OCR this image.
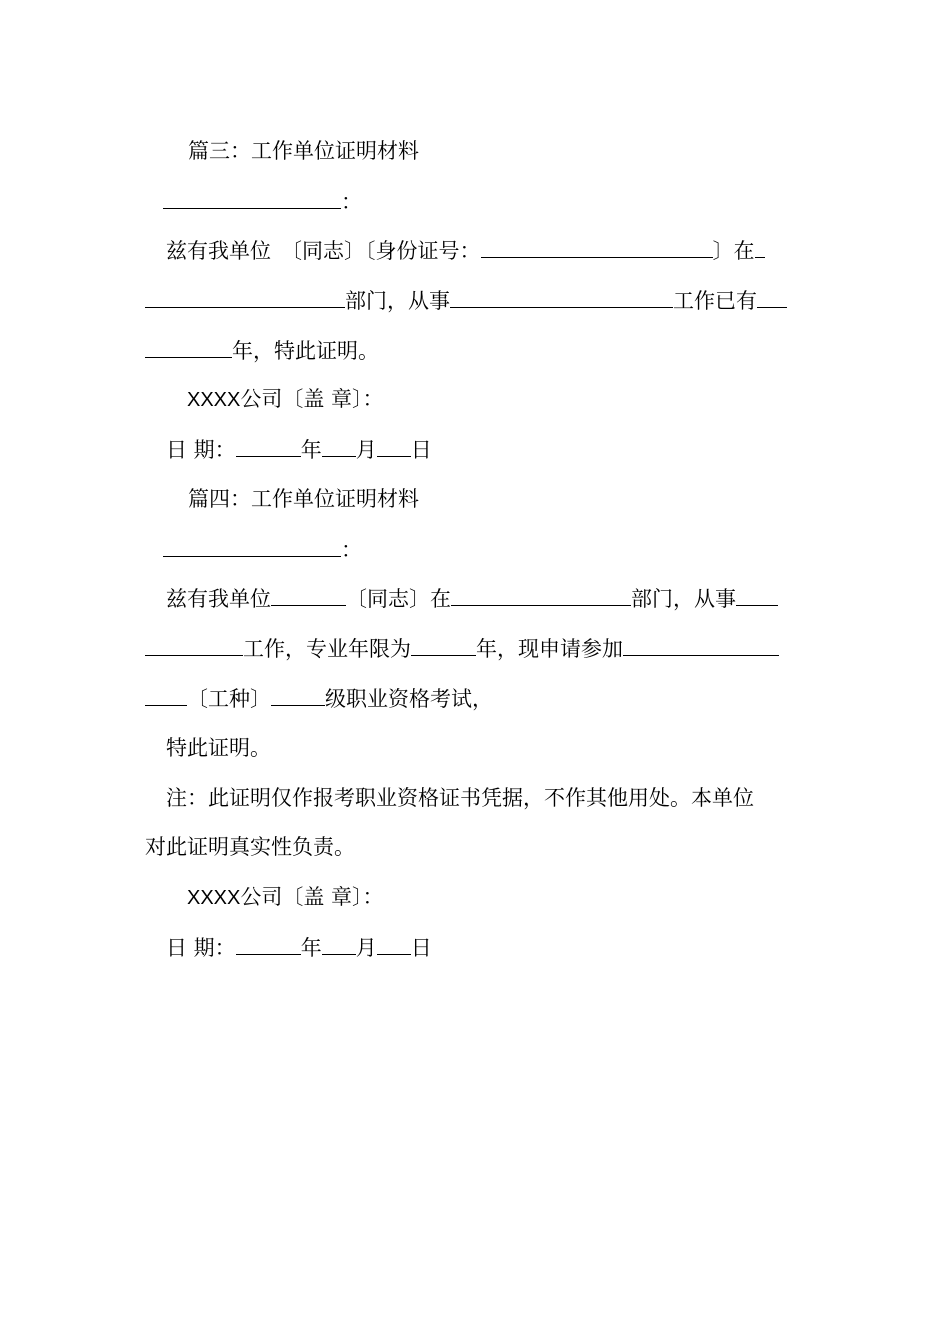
篇三：工作单位证明材料
：
兹有我单位〔同志〕〔身份证号：	〕在
部门，从事	工作已有
年，特此证明。
XXXX公司〔盖 章〕：
日 期：	年 月 日
篇四：工作单位证明材料
：
兹有我单位	〔同志〕在	部门，从事
工作，专业年限为	年，现申请参加
〔工种〕	级职业资格考试，
特此证明。
注：此证明仅作报考职业资格证书凭据，不作其他用处。本单位
对此证明真实性负责。
XXXX公司〔盖 章〕：
日 期：	年 月 日
